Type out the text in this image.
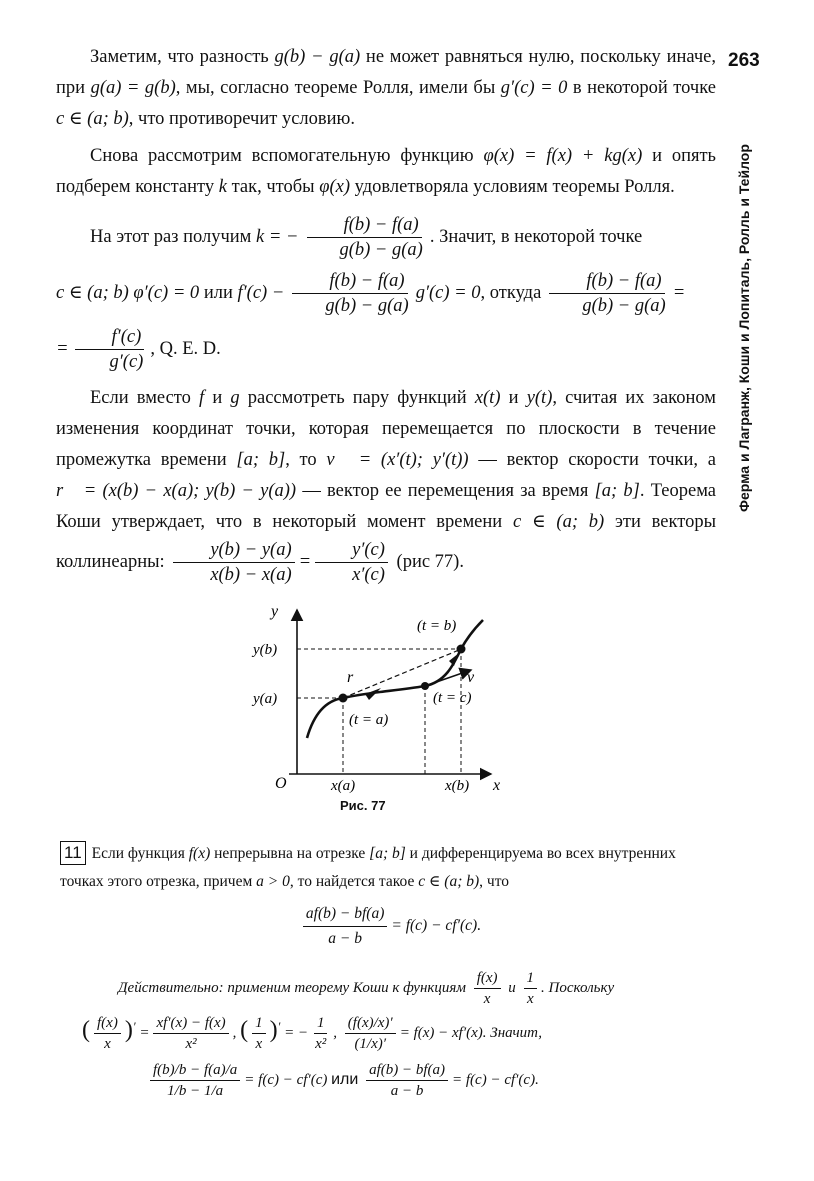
263
Ферма и Лагранж, Коши и Лопиталь, Ролль и Тейлор

Заметим, что разность g(b) − g(a) не может равняться нулю, поскольку иначе, при g(a) = g(b), мы, согласно теореме Ролля, имели бы g′(c) = 0 в некоторой точке c ∈ (a; b), что противоречит условию.

Снова рассмотрим вспомогательную функцию φ(x) = f(x) + kg(x) и опять подберем константу k так, чтобы φ(x) удовлетворяла условиям теоремы Ролля.

На этот раз получим k = − $\frac{f(b) - f(a)}{g(b) - g(a)}$ . Значит, в некоторой точке
c ∈ (a; b) φ′(c) = 0 или $f'(c) - \frac{f(b) - f(a)}{g(b) - g(a)} g'(c) = 0$, откуда $\frac{f(b) - f(a)}{g(b) - g(a)}$ =
= $\frac{f'(c)}{g'(c)}$ , Q. E. D.

Если вместо f и g рассмотреть пару функций x(t) и y(t), считая их законом изменения координат точки, которая перемещается по плоскости в течение промежутка времени [a; b], то v⃗ = (x′(t); y′(t)) — вектор скорости точки, а r⃗ = (x(b) − x(a); y(b) − y(a)) — вектор ее перемещения за время [a; b]. Теорема Коши утверждает, что в некоторый момент времени c ∈ (a; b) эти векторы коллинеарны: $\frac{y(b) - y(a)}{x(b) - x(a)} = \frac{y'(c)}{x'(c)} (рис$ 77).

y
x
O
y(b)
y(a)
x(a)	x(b)
(t = b)
(t = a)
(t = c)
r⃗	v⃗
Рис. 77

11 Если функция f(x) непрерывна на отрезке [a; b] и дифференцируема во всех внутренних точках этого отрезка, причем a > 0, то найдется такое c ∈ (a; b), что

$\frac{af(b) - bf(a)}{a - b} = f(c) - cf'(c)$.

Действительно: применим теорему Коши к функциям $\frac{f(x)}{x}$ и $\frac{1}{x}$ . Поскольку

( $\frac{f(x)}{x} )' = \frac{xf'(x) - f(x)}{\text{x²}}$ , ( $\frac{1}{x} )'$ = − $\frac{1}{\text{x²}}$ , $\frac{(f(x)/x)'}{(1/x)'} = f(x) - xf'(x)$. Значит,

$\frac{f(b)/b - f(a)/a}{1/b - 1/a} = f(c) - cf'(c)$ или $\frac{af(b) - bf(a)}{a - b} = f(c) - cf'(c)$.
